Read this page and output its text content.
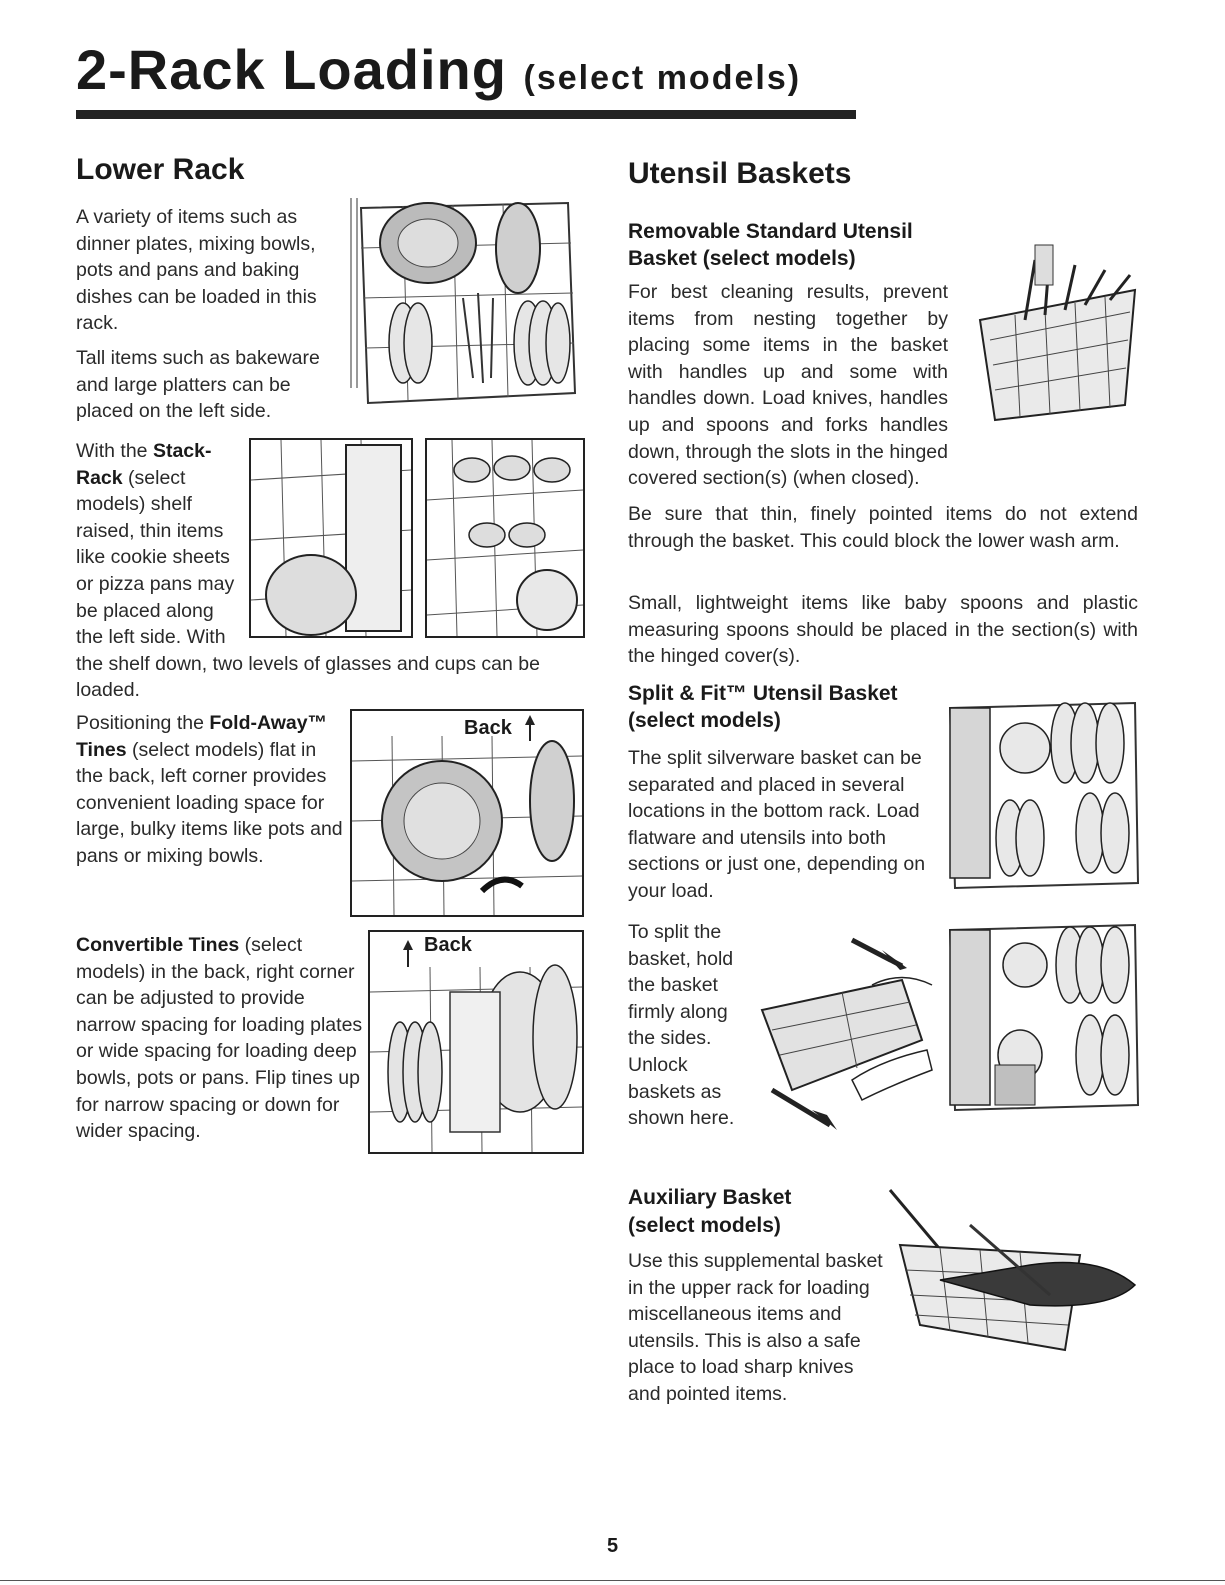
2-Rack Loading (select models)
Lower Rack
A variety of items such as dinner plates, mixing bowls, pots and pans and baking dishes can be loaded in this rack.
Tall items such as bakeware and large platters can be placed on the left side.
With the Stack-Rack (select models) shelf raised, thin items like cookie sheets or pizza pans may be placed along the left side. With the shelf down, two levels of glasses and cups can be loaded.
Positioning the Fold-Away™ Tines (select models) flat in the back, left corner provides convenient loading space for large, bulky items like pots and pans or mixing bowls.
Back
Convertible Tines (select models) in the back, right corner can be adjusted to provide narrow spacing for loading plates or wide spacing for loading deep bowls, pots or pans. Flip tines up for narrow spacing or down for wider spacing.
Back
Utensil Baskets
Removable Standard Utensil Basket (select models)
For best cleaning results, prevent items from nesting together by placing some items in the basket with handles up and some with handles down. Load knives, handles up and spoons and forks handles down, through the slots in the hinged covered section(s) (when closed).
Be sure that thin, finely pointed items do not extend through the basket. This could block the lower wash arm.
Small, lightweight items like baby spoons and plastic measuring spoons should be placed in the section(s) with the hinged cover(s).
Split & Fit™ Utensil Basket
(select models)
The split silverware basket can be separated and placed in several locations in the bottom rack. Load flatware and utensils into both sections or just one, depending on your load.
To split the basket, hold the basket firmly along the sides. Unlock baskets as shown here.
Auxiliary Basket
(select models)
Use this supplemental basket in the upper rack for loading miscellaneous items and utensils. This is also a safe place to load sharp knives and pointed items.
5
